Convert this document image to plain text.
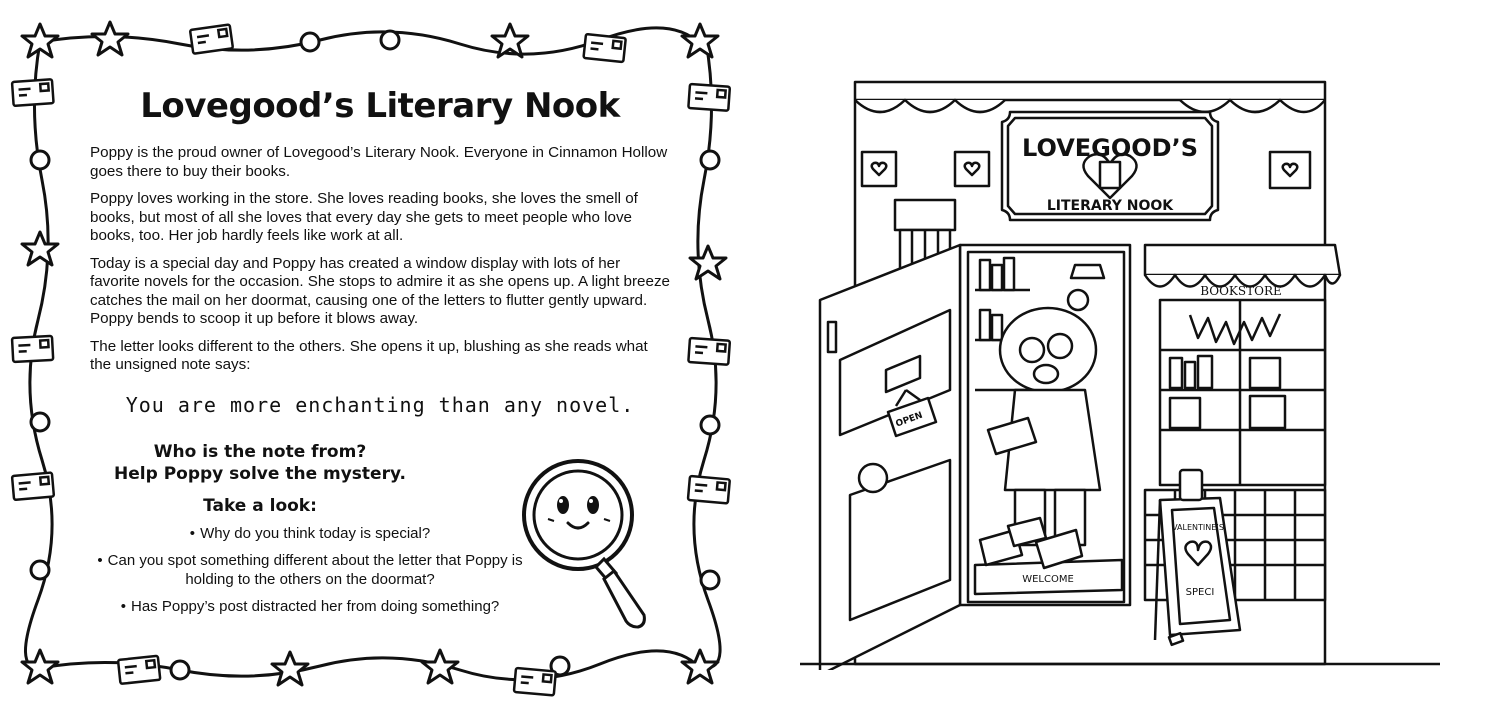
Lovegood’s Literary Nook

Poppy is the proud owner of Lovegood’s Literary Nook. Everyone in Cinnamon Hollow goes there to buy their books.

Poppy loves working in the store. She loves reading books, she loves the smell of books, but most of all she loves that every day she gets to meet people who love books, too. Her job hardly feels like work at all.

Today is a special day and Poppy has created a window display with lots of her favorite novels for the occasion. She stops to admire it as she opens up. A light breeze catches the mail on her doormat, causing one of the letters to flutter gently upward. Poppy bends to scoop it up before it blows away.

The letter looks different to the others. She opens it up, blushing as she reads what the unsigned note says:

You are more enchanting than any novel.

Who is the note from?

Help Poppy solve the mystery.

Take a look:

• Why do you think today is special?
• Can you spot something different about the letter that Poppy is holding to the others on the doormat?
• Has Poppy’s post distracted her from doing something?
LOVEGOOD’S
LITERARY NOOK
BOOKSTORE
OPEN
WELCOME
VALENTINE’S
SPECI
